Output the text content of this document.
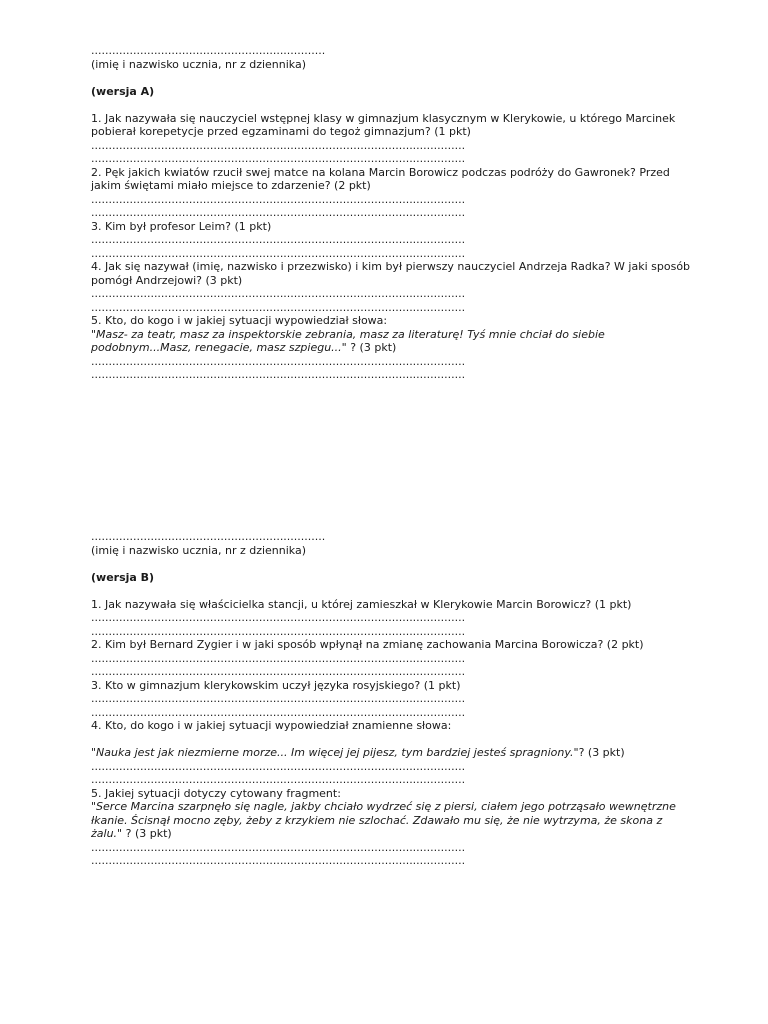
...................................................................

(imię i nazwisko ucznia, nr z dziennika)

(wersja A)

1. Jak nazywała się nauczyciel wstępnej klasy w gimnazjum klasycznym w Klerykowie, u którego Marcinek pobierał korepetycje przed egzaminami do tegoż gimnazjum? (1 pkt)

...........................................................................................................

...........................................................................................................

2. Pęk jakich kwiatów rzucił swej matce na kolana Marcin Borowicz podczas podróży do Gawronek? Przed jakim świętami miało miejsce to zdarzenie? (2 pkt)

...........................................................................................................

...........................................................................................................

3. Kim był profesor Leim? (1 pkt)

...........................................................................................................

...........................................................................................................

4. Jak się nazywał (imię, nazwisko i przezwisko) i kim był pierwszy nauczyciel Andrzeja Radka? W jaki sposób pomógł Andrzejowi? (3 pkt)

...........................................................................................................

...........................................................................................................

5. Kto, do kogo i w jakiej sytuacji wypowiedział słowa:

"Masz- za teatr, masz za inspektorskie zebrania, masz za literaturę! Tyś mnie chciał do siebie podobnym...Masz, renegacie, masz szpiegu..." ? (3 pkt)

...........................................................................................................

...........................................................................................................

...................................................................

(imię i nazwisko ucznia, nr z dziennika)

(wersja B)

1. Jak nazywała się właścicielka stancji, u której zamieszkał w Klerykowie Marcin Borowicz? (1 pkt)

...........................................................................................................

...........................................................................................................

2. Kim był Bernard Zygier i w jaki sposób wpłynął na zmianę zachowania Marcina Borowicza? (2 pkt)

...........................................................................................................

...........................................................................................................

3. Kto w gimnazjum klerykowskim uczył języka rosyjskiego? (1 pkt)

...........................................................................................................

...........................................................................................................

4. Kto, do kogo i w jakiej sytuacji wypowiedział znamienne słowa:

"Nauka jest jak niezmierne morze... Im więcej jej pijesz, tym bardziej jesteś spragniony."? (3 pkt)

...........................................................................................................

...........................................................................................................

5. Jakiej sytuacji dotyczy cytowany fragment:

"Serce Marcina szarpnęło się nagle, jakby chciało wydrzeć się z piersi, ciałem jego potrząsało wewnętrzne łkanie. Ścisnął mocno zęby, żeby z krzykiem nie szlochać. Zdawało mu się, że nie wytrzyma, że skona z żalu." ? (3 pkt)

...........................................................................................................

...........................................................................................................
